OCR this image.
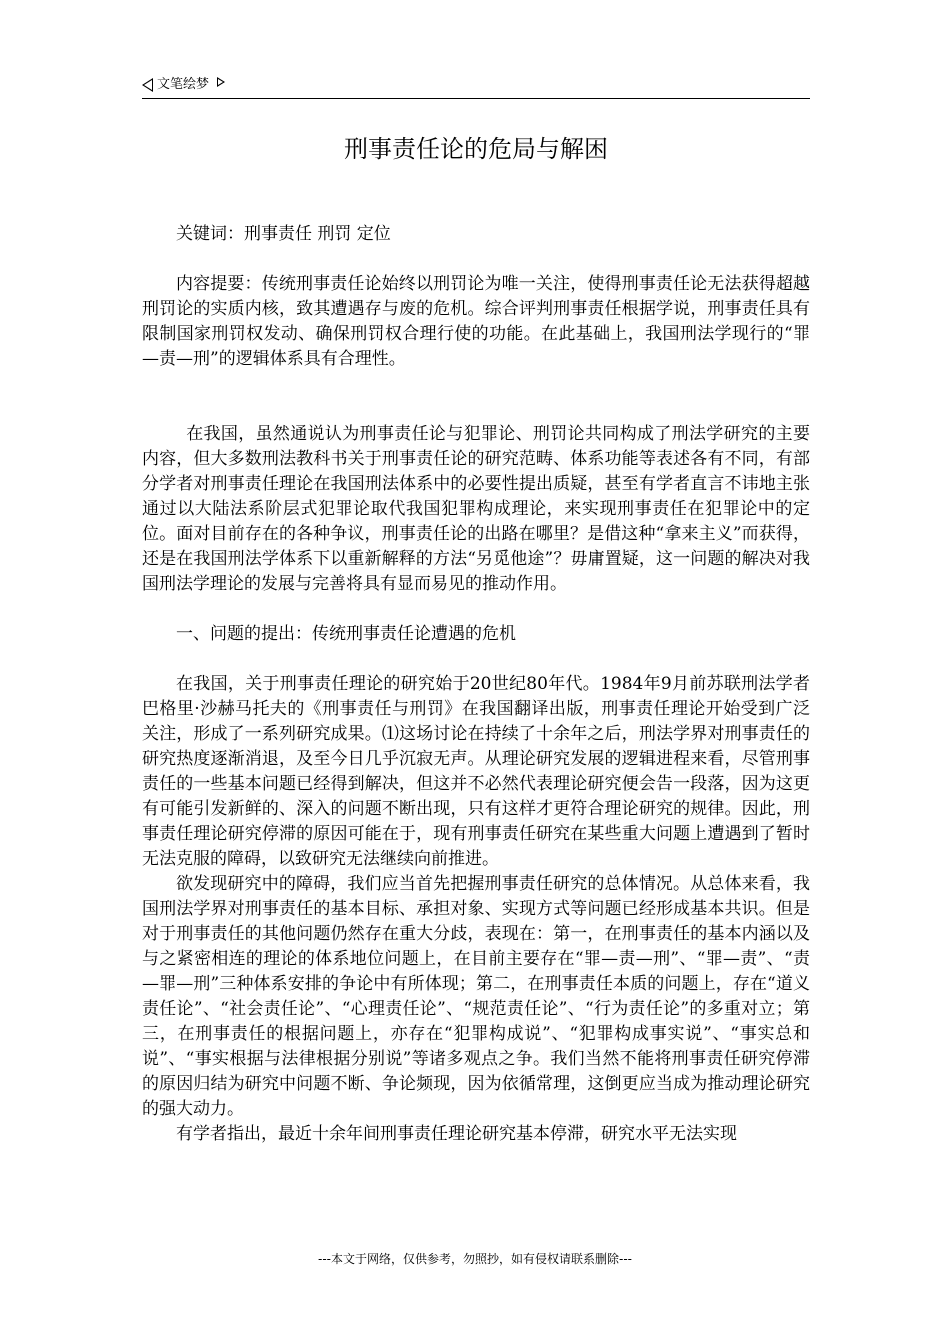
文笔绘梦
刑事责任论的危局与解困

关键词：刑事责任 刑罚 定位

内容提要：传统刑事责任论始终以刑罚论为唯一关注，使得刑事责任论无法获得超越刑罚论的实质内核，致其遭遇存与废的危机。综合评判刑事责任根据学说，刑事责任具有限制国家刑罚权发动、确保刑罚权合理行使的功能。在此基础上，我国刑法学现行的“罪—责—刑”的逻辑体系具有合理性。

在我国，虽然通说认为刑事责任论与犯罪论、刑罚论共同构成了刑法学研究的主要内容，但大多数刑法教科书关于刑事责任论的研究范畴、体系功能等表述各有不同，有部分学者对刑事责任理论在我国刑法体系中的必要性提出质疑，甚至有学者直言不讳地主张通过以大陆法系阶层式犯罪论取代我国犯罪构成理论，来实现刑事责任在犯罪论中的定位。面对目前存在的各种争议，刑事责任论的出路在哪里？是借这种“拿来主义”而获得，还是在我国刑法学体系下以重新解释的方法“另觅他途”？毋庸置疑，这一问题的解决对我国刑法学理论的发展与完善将具有显而易见的推动作用。

一、问题的提出：传统刑事责任论遭遇的危机

在我国，关于刑事责任理论的研究始于20世纪80年代。1984年9月前苏联刑法学者巴格里·沙赫马托夫的《刑事责任与刑罚》在我国翻译出版，刑事责任理论开始受到广泛关注，形成了一系列研究成果。⑴这场讨论在持续了十余年之后，刑法学界对刑事责任的研究热度逐渐消退，及至今日几乎沉寂无声。从理论研究发展的逻辑进程来看，尽管刑事责任的一些基本问题已经得到解决，但这并不必然代表理论研究便会告一段落，因为这更有可能引发新鲜的、深入的问题不断出现，只有这样才更符合理论研究的规律。因此，刑事责任理论研究停滞的原因可能在于，现有刑事责任研究在某些重大问题上遭遇到了暂时无法克服的障碍，以致研究无法继续向前推进。

欲发现研究中的障碍，我们应当首先把握刑事责任研究的总体情况。从总体来看，我国刑法学界对刑事责任的基本目标、承担对象、实现方式等问题已经形成基本共识。但是对于刑事责任的其他问题仍然存在重大分歧，表现在：第一，在刑事责任的基本内涵以及与之紧密相连的理论的体系地位问题上，在目前主要存在“罪—责—刑”、“罪—责”、“责—罪—刑”三种体系安排的争论中有所体现；第二，在刑事责任本质的问题上，存在“道义责任论”、“社会责任论”、“心理责任论”、“规范责任论”、“行为责任论”的多重对立；第三，在刑事责任的根据问题上，亦存在“犯罪构成说”、“犯罪构成事实说”、“事实总和说”、“事实根据与法律根据分别说”等诸多观点之争。我们当然不能将刑事责任研究停滞的原因归结为研究中问题不断、争论频现，因为依循常理，这倒更应当成为推动理论研究的强大动力。

有学者指出，最近十余年间刑事责任理论研究基本停滞，研究水平无法实现

---本文于网络，仅供参考，勿照抄，如有侵权请联系删除---
